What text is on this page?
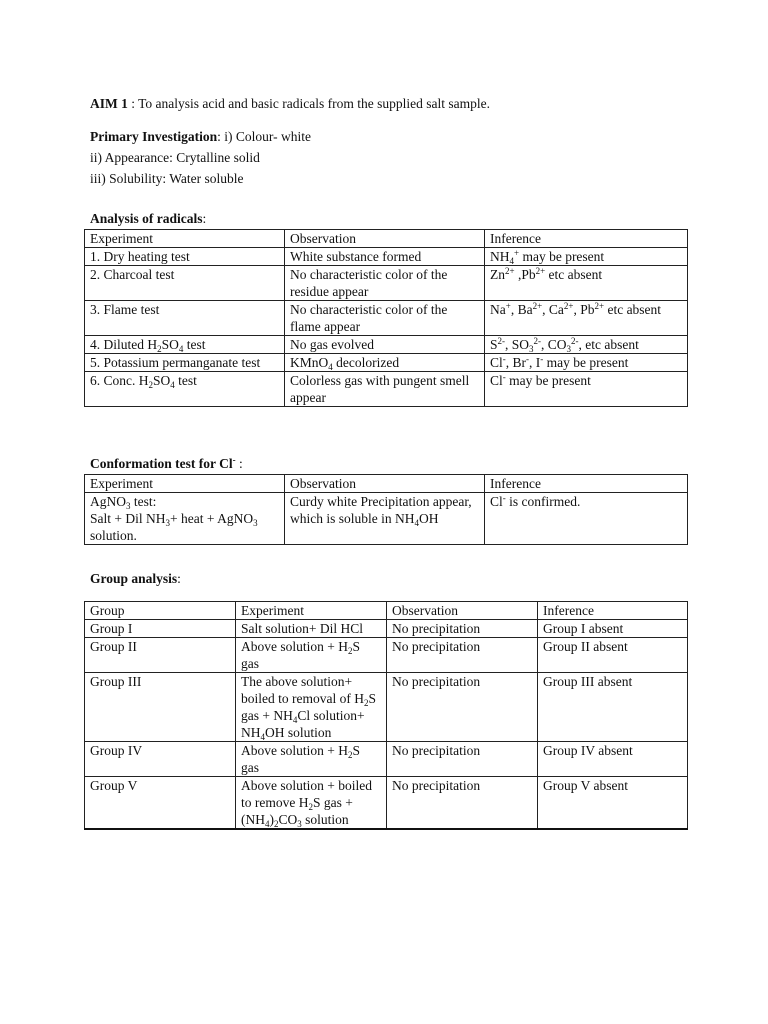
AIM 1 : To analysis acid and basic radicals from the supplied salt sample.
Primary Investigation: i) Colour- white
ii) Appearance: Crytalline solid
iii) Solubility: Water soluble
Analysis of radicals:
Experiment	Observation	Inference
1. Dry heating test	White substance formed	$NH_4^+$ may be present
2. Charcoal test	No characteristic color of the residue appear	$Zn^{2+}$ $,Pb^{2+}$ etc absent
3. Flame test	No characteristic color of the flame appear	Na+, $Ba^{2+}$, $Ca^{2+}$, $Pb^{2+}$ etc absent
4. Diluted $H_2SO_4$ test	No gas evolved	$S^{2-}$, $SO_3^{2-}$, $CO_3^{2-}$, etc absent
5. Potassium permanganate test	KMnO$_4$ decolorized	Cl-, Br-, I- may be present
6. Conc. $H_2SO_4$ test	Colorless gas with pungent smell appear	Cl- may be present
Conformation test for Cl- :
Experiment	Observation	Inference
AgNO$_3$ test:
Salt + Dil $NH_3+$ heat + AgNO$_3$ solution.	Curdy white Precipitation appear, which is soluble in $NH_4OH$	Cl- is confirmed.
Group analysis:
Group	Experiment	Observation	Inference
Group I	Salt solution+ Dil HCl	No precipitation	Group I absent
Group II	Above solution + $H_2S$ gas	No precipitation	Group II absent
Group III	The above solution+ boiled to removal of $H_2S$ gas + $NH_4Cl$ solution+ $NH_4OH$ solution	No precipitation	Group III absent
Group IV	Above solution + $H_2S$ gas	No precipitation	Group IV absent
Group V	Above solution + boiled to remove $H_2S$ gas + $(NH_4)_2CO_3$ solution	No precipitation	Group V absent
